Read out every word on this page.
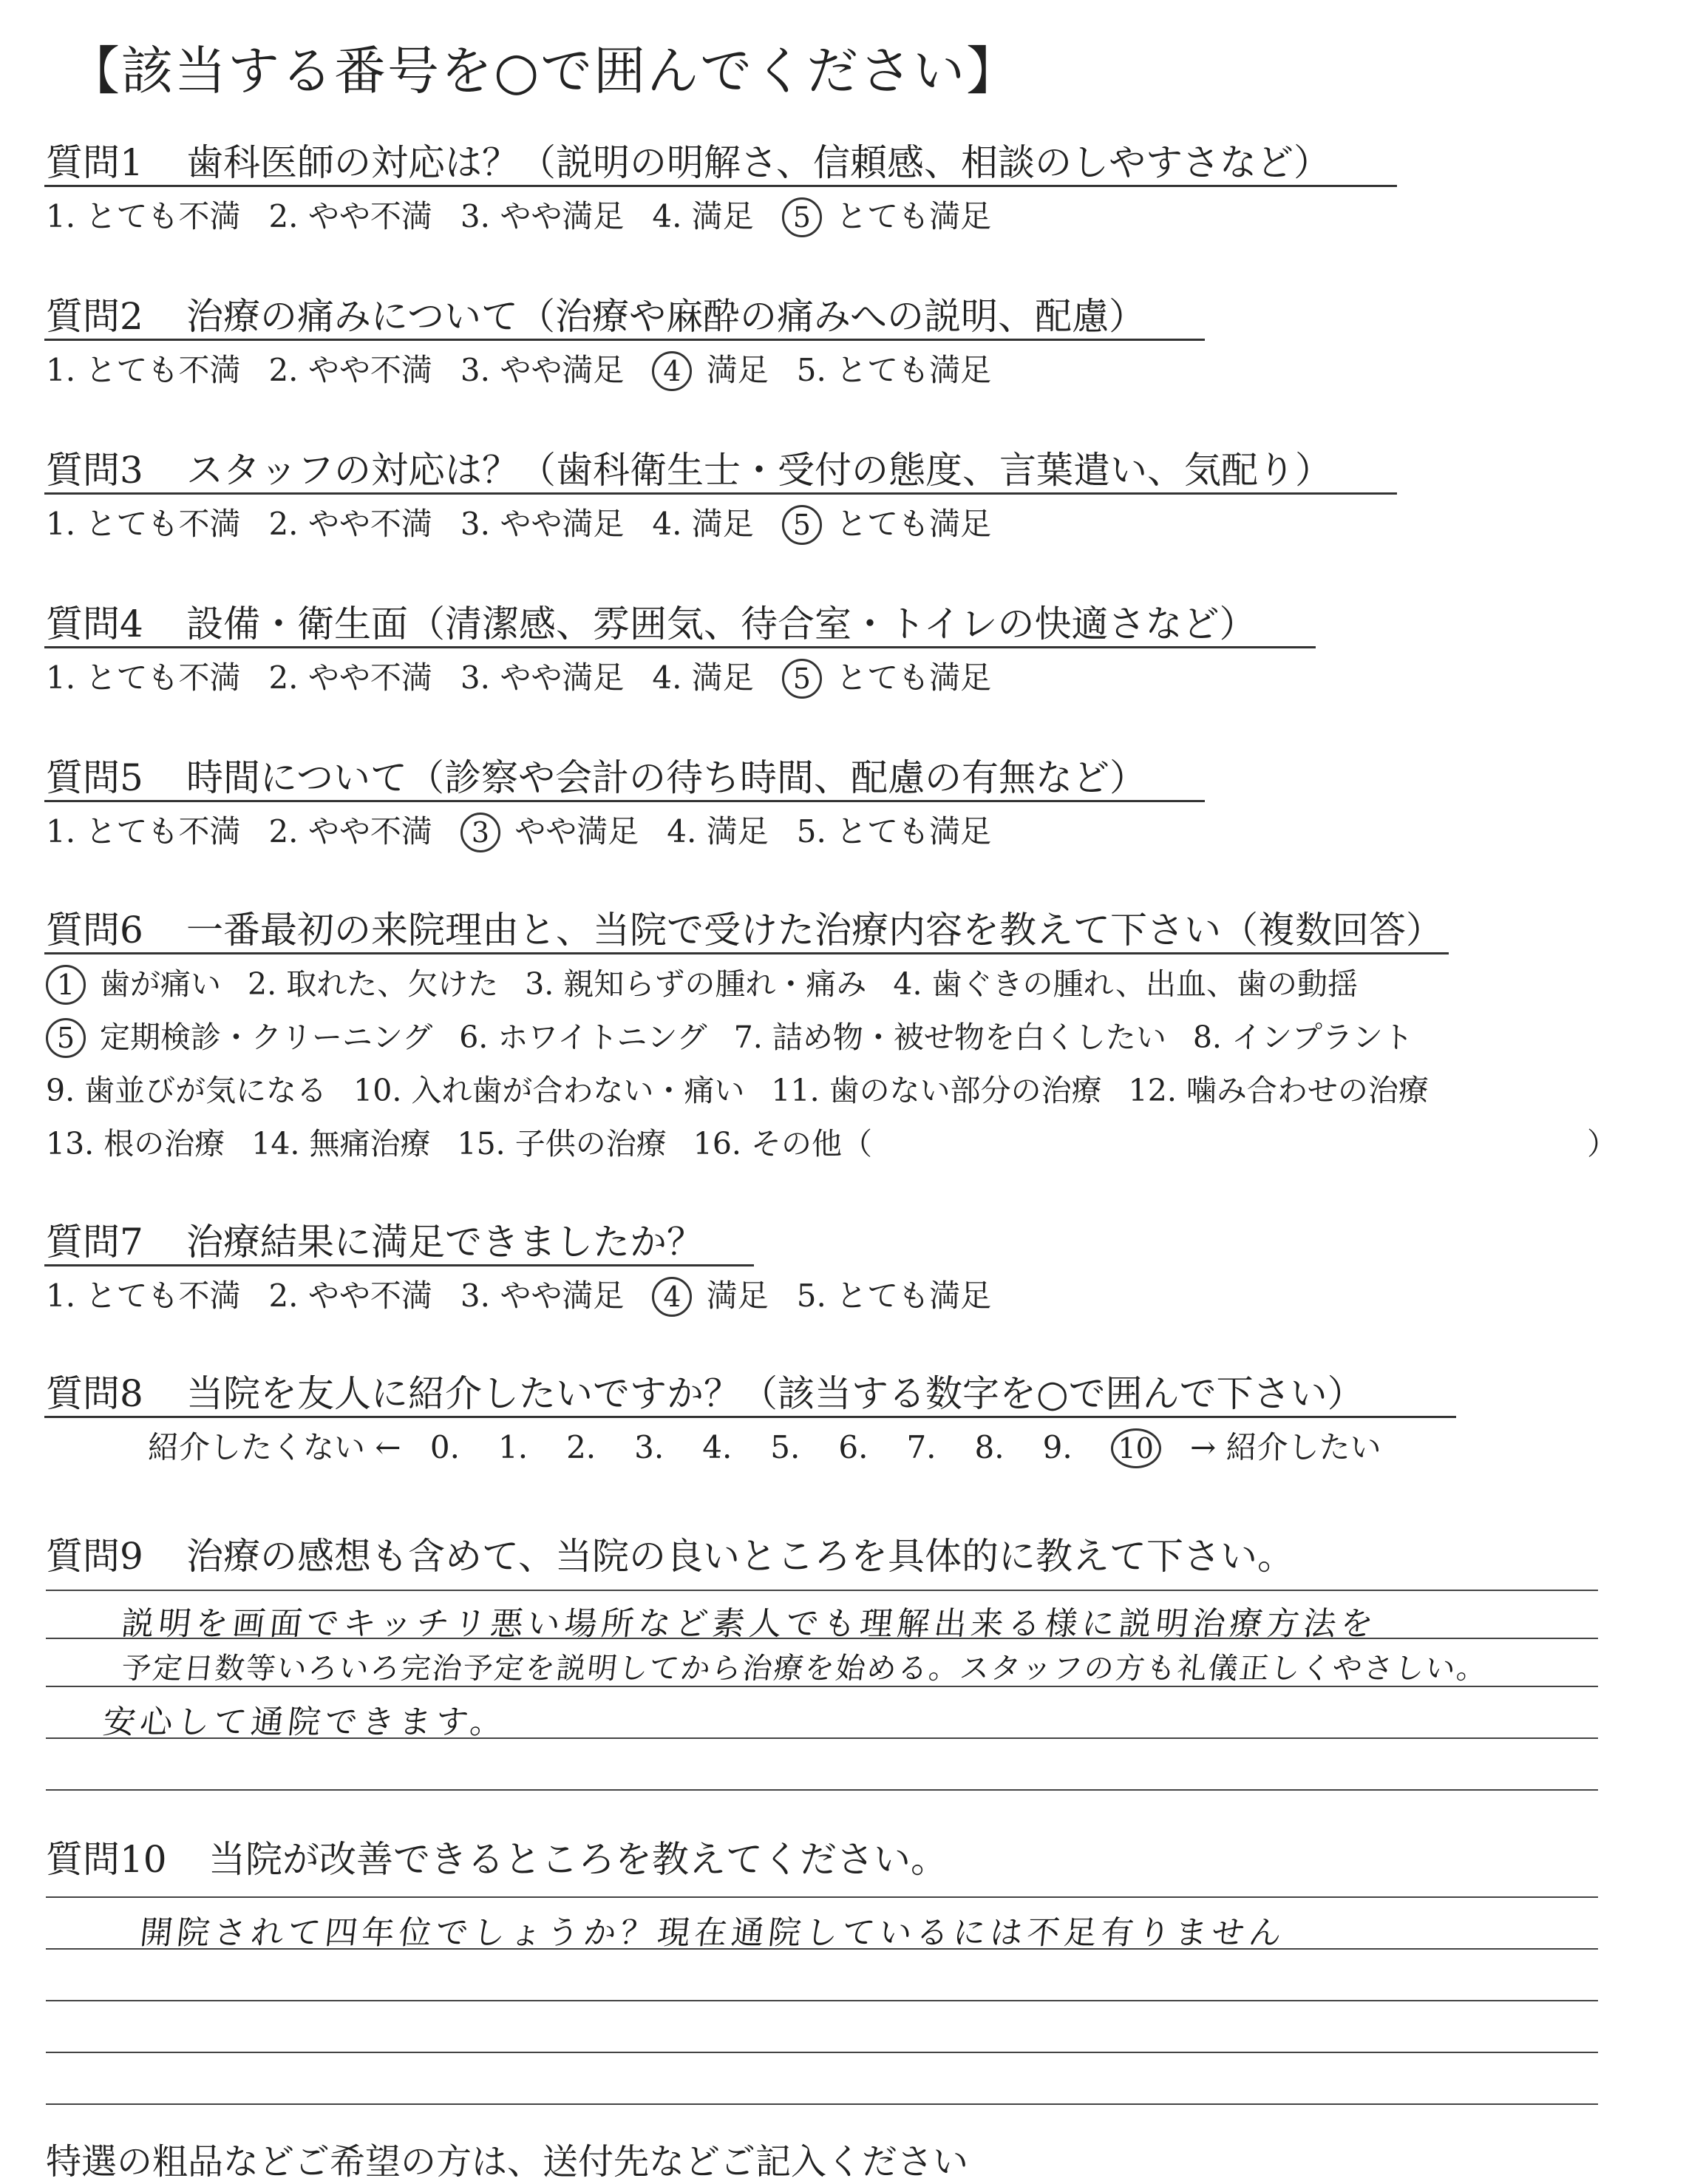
【該当する番号を○で囲んでください】
質問1 歯科医師の対応は？（説明の明解さ、信頼感、相談のしやすさなど）
1. とても不満 2. やや不満 3. やや満足 4. 満足 5 とても満足
質問2 治療の痛みについて（治療や麻酔の痛みへの説明、配慮）
1. とても不満 2. やや不満 3. やや満足 4 満足 5. とても満足
質問3 スタッフの対応は？（歯科衛生士・受付の態度、言葉遣い、気配り）
1. とても不満 2. やや不満 3. やや満足 4. 満足 5 とても満足
質問4 設備・衛生面（清潔感、雰囲気、待合室・トイレの快適さなど）
1. とても不満 2. やや不満 3. やや満足 4. 満足 5 とても満足
質問5 時間について（診察や会計の待ち時間、配慮の有無など）
1. とても不満 2. やや不満 3 やや満足 4. 満足 5. とても満足
質問6 一番最初の来院理由と、当院で受けた治療内容を教えて下さい（複数回答）
1 歯が痛い 2. 取れた、欠けた 3. 親知らずの腫れ・痛み 4. 歯ぐきの腫れ、出血、歯の動揺
5 定期検診・クリーニング 6. ホワイトニング 7. 詰め物・被せ物を白くしたい 8. インプラント
9. 歯並びが気になる 10. 入れ歯が合わない・痛い 11. 歯のない部分の治療 12. 噛み合わせの治療
13. 根の治療 14. 無痛治療 15. 子供の治療 16. その他（	）
質問7 治療結果に満足できましたか？
1. とても不満 2. やや不満 3. やや満足 4 満足 5. とても満足
質問8 当院を友人に紹介したいですか？（該当する数字を○で囲んで下さい）
紹介したくない ← 0. 1. 2. 3. 4. 5. 6. 7. 8. 9. 10 → 紹介したい
質問9 治療の感想も含めて、当院の良いところを具体的に教えて下さい。
説明を画面でキッチリ悪い場所など素人でも理解出来る様に説明治療方法を
予定日数等いろいろ完治予定を説明してから治療を始める。スタッフの方も礼儀正しくやさしい。
安心して通院できます。
質問10 当院が改善できるところを教えてください。
開院されて四年位でしょうか？現在通院しているには不足有りません
特選の粗品などご希望の方は、送付先などご記入ください
